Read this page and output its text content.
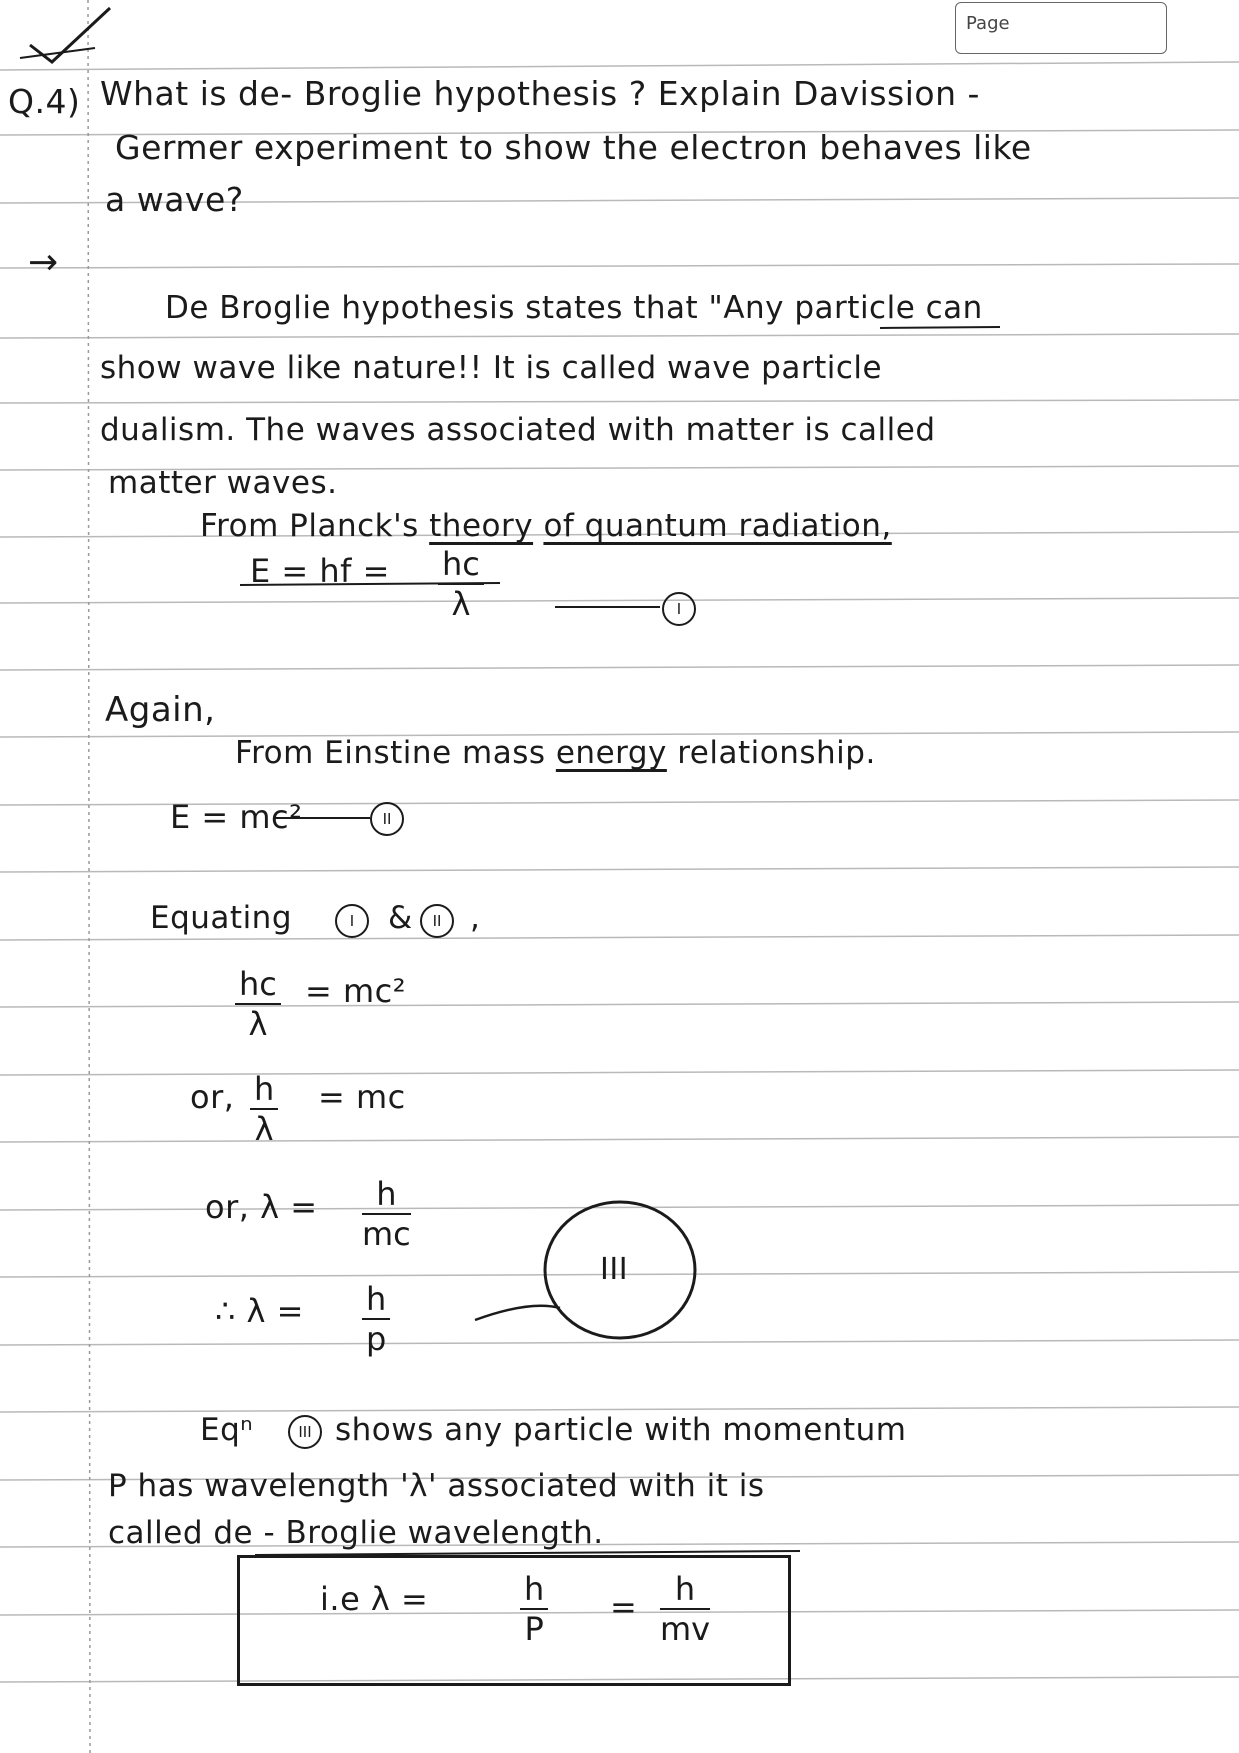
Page
Q.4) What is de- Broglie hypothesis ? Explain Davission -
Germer experiment to show the electron behaves like
a wave?
→
De Broglie hypothesis states that "Any particle can
show wave like nature!! It is called wave particle
dualism. The waves associated with matter is called
matter waves.
From Planck's theory of quantum radiation,
E = hf = $\frac{hc}{\lambda}$	I
Again,
From Einstine mass energy relationship.
E = mc²	II
Equating	I	&	II ,
$\frac{hc}{\lambda} = mc^2$
or, $\frac{h}{\lambda}$ = mc
or, $\lambda = \frac{h}{mc}$
∴ $\lambda = \frac{h}{p}$
III
Eqⁿ	III shows any particle with momentum
P has wavelength 'λ' associated with it is
called de - Broglie wavelength.
i.e λ =	$\frac{h}{P} = \frac{h}{mv}$
